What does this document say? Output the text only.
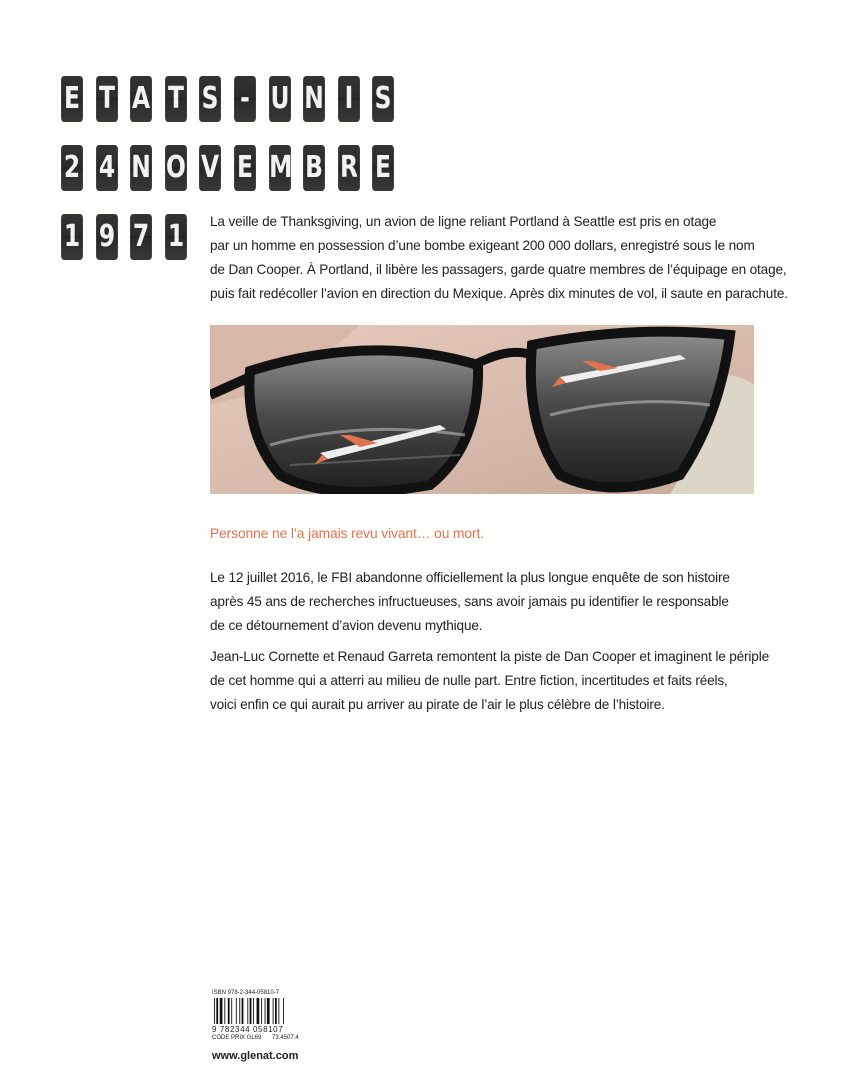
E T A T S - U N I S
2 4 N O V E M B R E
1 9 7 1 La veille de Thanksgiving, un avion de ligne reliant Portland à Seattle est pris en otage
par un homme en possession d’une bombe exigeant 200 000 dollars, enregistré sous le nom
de Dan Cooper. À Portland, il libère les passagers, garde quatre membres de l’équipage en otage,
puis fait redécoller l’avion en direction du Mexique. Après dix minutes de vol, il saute en parachute.
Personne ne l’a jamais revu vivant… ou mort.
Le 12 juillet 2016, le FBI abandonne officiellement la plus longue enquête de son histoire
après 45 ans de recherches infructueuses, sans avoir jamais pu identifier le responsable
de ce détournement d’avion devenu mythique.
Jean-Luc Cornette et Renaud Garreta remontent la piste de Dan Cooper et imaginent le périple
de cet homme qui a atterri au milieu de nulle part. Entre fiction, incertitudes et faits réels,
voici enfin ce qui aurait pu arriver au pirate de l’air le plus célèbre de l’histoire.
ISBN 978-2-344-05810-7
9 782344 058107
CODE PRIX GL69 73.4507.4
www.glenat.com
